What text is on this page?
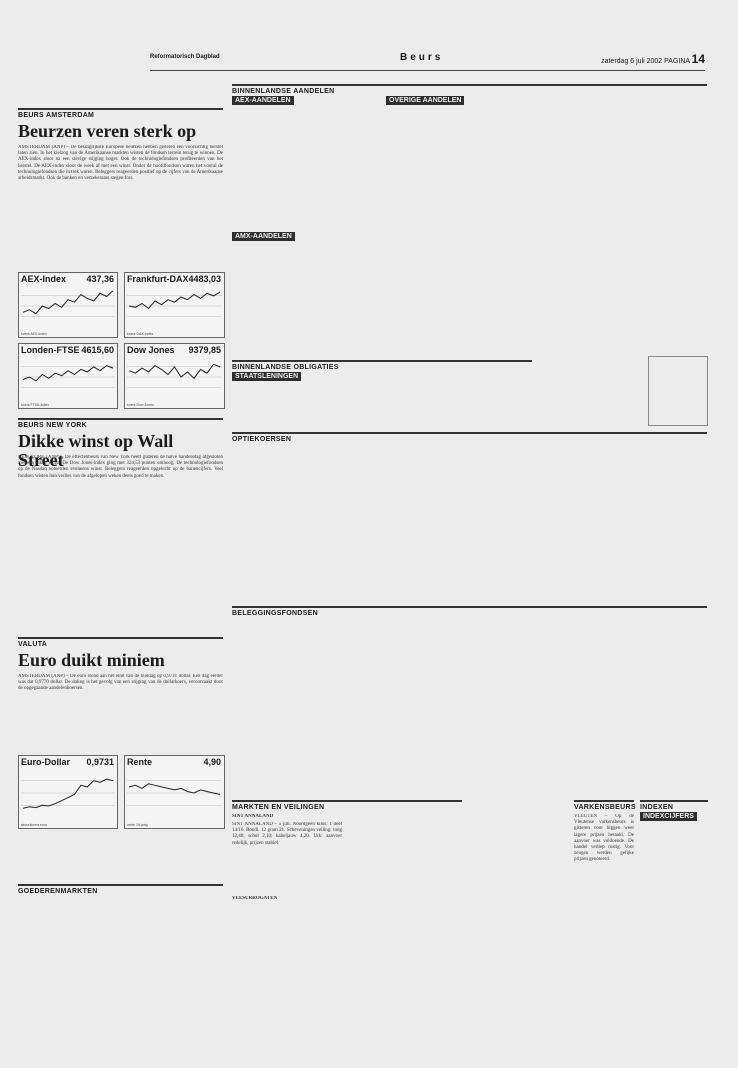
Reformatorisch Dagblad	Beurs	zaterdag 6 juli 2002 PAGINA 14
BEURS AMSTERDAM
Beurzen veren sterk op
AMSTERDAM (ANP) – De belangrijkste Europese beurzen hebben gisteren een voorzichtig herstel laten zien. In het kielzog van de Amerikaanse markten wisten de fondsen terrein terug te winnen. De AEX-index sloot na een stevige stijging hoger. Ook de technologiefondsen profiteerden van het herstel. De AEX-index sloot de week af met een winst. Onder de hoofdfondsen waren het vooral de technologiefondsen die in trek waren. Beleggers reageerden positief op de cijfers van de Amerikaanse arbeidsmarkt. Ook de banken en verzekeraars stegen fors.
AEX-Index 437,36
koers AEX-index
Frankfurt-DAX 4483,03
koers DAX-index
Londen-FTSE 4615,60
koers FTSE-index
Dow Jones 9379,85
koers Dow Jones
BEURS NEW YORK
Dikke winst op Wall Street
NEW YORK (ANP) – De effectenbeurs van New York heeft gisteren de halve handelsdag afgesloten met een dikke winst. De Dow Jones-index ging met 324,53 punten omhoog. De technologiefondsen op de Nasdaq noteerden eveneens winst. Beleggers reageerden opgelucht op de banencijfers. Veel fondsen wisten hun verlies van de afgelopen weken deels goed te maken.
VALUTA
Euro duikt miniem
AMSTERDAM (ANP) – De euro stond aan het eind van de middag op 0,9731 dollar. Een dag eerder was dat 0,9770 dollar. De daling is het gevolg van een stijging van de dollarkoers, veroorzaakt door de opgegaande aandelenkoersen.
Euro-Dollar 0,9731
wisselkoers euro
Rente	4,90
rente 10-jarig
GOEDERENMARKTEN
BINNENLANDSE AANDELEN
AEX-AANDELEN
AMX-AANDELEN
OVERIGE AANDELEN
BINNENLANDSE OBLIGATIES
STAATSLENINGEN
OPTIEKOERSEN
BELEGGINGSFONDSEN
MARKTEN EN VEILINGEN
SINT ANNALAND
SINT ANNALAND – 5 juli. Noordgeen kilos: 1 deel 14/16. Rondl. 12 gram 21. Scheveningen veiling: tong 12,40; schol 2,10; kabeljauw 4,20. Urk: aanvoer redelijk, prijzen stabiel.
VEESURROGATEN
VARKENSBEURS
VLEUTEN – Op de Vleutense varkensbeurs is gisteren voor biggen weer lagere prijzen betaald. De aanvoer was voldoende. De handel verliep rustig. Voor zeugen werden gelijke prijzen genoteerd.
INDEXEN
INDEXCIJFERS
